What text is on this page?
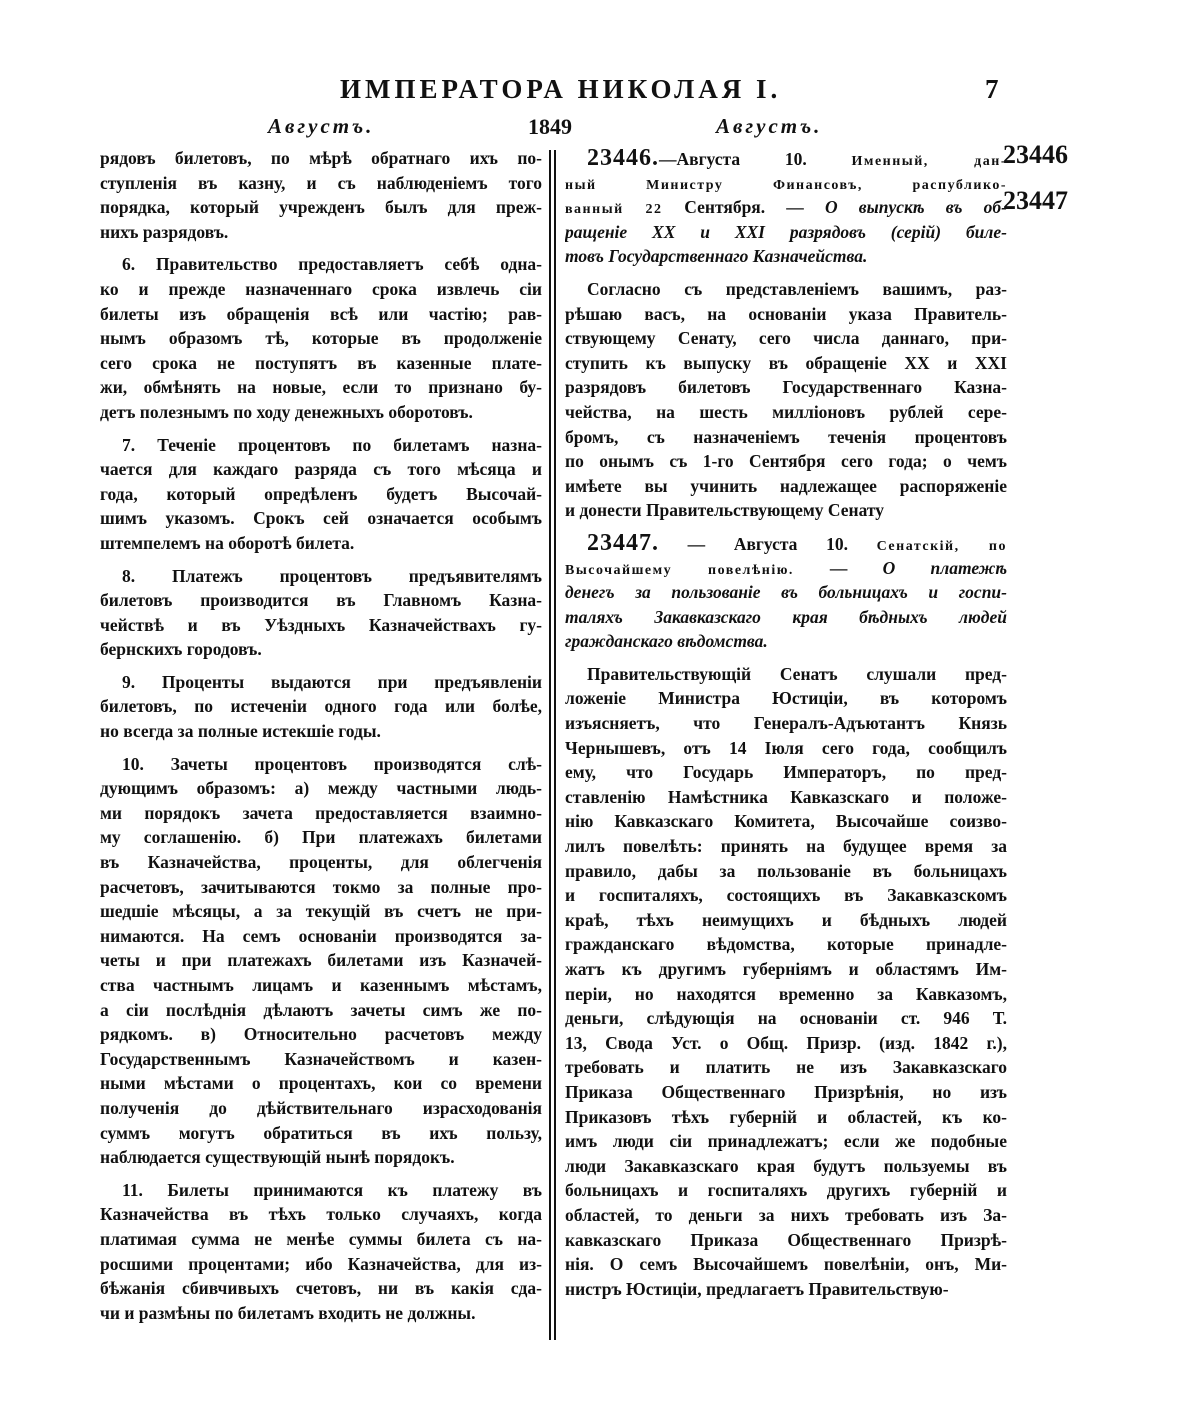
ИМПЕРАТОРА НИКОЛАЯ I.	7
Августъ.	1849	Августъ.
23446
23447
рядовъ билетовъ, по мѣрѣ обратнаго ихъ по-
ступленія въ казну, и съ наблюденіемъ того
порядка, который учрежденъ былъ для преж-
нихъ разрядовъ.
6. Правительство предоставляетъ себѣ одна-
ко и прежде назначеннаго срока извлечь сіи
билеты изъ обращенія всѣ или частію; рав-
нымъ образомъ тѣ, которые въ продолженіе
сего срока не поступятъ въ казенные плате-
жи, обмѣнять на новые, если то признано бу-
детъ полезнымъ по ходу денежныхъ оборотовъ.
7. Теченіе процентовъ по билетамъ назна-
чается для каждаго разряда съ того мѣсяца и
года, который опредѣленъ будетъ Высочай-
шимъ указомъ. Срокъ сей означается особымъ
штемпелемъ на оборотѣ билета.
8. Платежъ процентовъ предъявителямъ
билетовъ производится въ Главномъ Казна-
чействѣ и въ Уѣздныхъ Казначействахъ гу-
бернскихъ городовъ.
9. Проценты выдаются при предъявленіи
билетовъ, по истеченіи одного года или болѣе,
но всегда за полные истекшіе годы.
10. Зачеты процентовъ производятся слѣ-
дующимъ образомъ: а) между частными людь-
ми порядокъ зачета предоставляется взаимно-
му соглашенію. б) При платежахъ билетами
въ Казначейства, проценты, для облегченія
расчетовъ, зачитываются токмо за полные про-
шедшіе мѣсяцы, а за текущій въ счетъ не при-
нимаются. На семъ основаніи производятся за-
четы и при платежахъ билетами изъ Казначей-
ства частнымъ лицамъ и казеннымъ мѣстамъ,
а сіи послѣднія дѣлаютъ зачеты симъ же по-
рядкомъ. в) Относительно расчетовъ между
Государственнымъ Казначействомъ и казен-
ными мѣстами о процентахъ, кои со времени
полученія до дѣйствительнаго израсходованія
суммъ могутъ обратиться въ ихъ пользу,
наблюдается существующій нынѣ порядокъ.
11. Билеты принимаются къ платежу въ
Казначейства въ тѣхъ только случаяхъ, когда
платимая сумма не менѣе суммы билета съ на-
росшими процентами; ибо Казначейства, для из-
бѣжанія сбивчивыхъ счетовъ, ни въ какія сда-
чи и размѣны по билетамъ входить не должны.
23446.—Августа 10. Именный, дан-
ный Министру Финансовъ, распублико-
ванный 22 Сентября. — О выпускѣ въ об-
ращеніе XX и XXI разрядовъ (серій) биле-
товъ Государственнаго Казначейства.
Согласно съ представленіемъ вашимъ, раз-
рѣшаю васъ, на основаніи указа Правитель-
ствующему Сенату, сего числа даннаго, при-
ступить къ выпуску въ обращеніе XX и XXI
разрядовъ билетовъ Государственнаго Казна-
чейства, на шесть милліоновъ рублей сере-
бромъ, съ назначеніемъ теченія процентовъ
по онымъ съ 1-го Сентября сего года; о чемъ
имѣете вы учинить надлежащее распоряженіе
и донести Правительствующему Сенату
23447. — Августа 10. Сенатскій, по
Высочайшему повелѣнію. — О платежѣ
денегъ за пользованіе въ больницахъ и госпи-
таляхъ Закавказскаго края бѣдныхъ людей
гражданскаго вѣдомства.
Правительствующій Сенатъ слушали пред-
ложеніе Министра Юстиціи, въ которомъ
изъясняетъ, что Генералъ-Адъютантъ Князь
Чернышевъ, отъ 14 Іюля сего года, сообщилъ
ему, что Государь Императоръ, по пред-
ставленію Намѣстника Кавказскаго и положе-
нію Кавказскаго Комитета, Высочайше соизво-
лилъ повелѣть: принять на будущее время за
правило, дабы за пользованіе въ больницахъ
и госпиталяхъ, состоящихъ въ Закавказскомъ
краѣ, тѣхъ неимущихъ и бѣдныхъ людей
гражданскаго вѣдомства, которые принадле-
жатъ къ другимъ губерніямъ и областямъ Им-
періи, но находятся временно за Кавказомъ,
деньги, слѣдующія на основаніи ст. 946 Т.
13, Свода Уст. о Общ. Призр. (изд. 1842 г.),
требовать и платить не изъ Закавказскаго
Приказа Общественнаго Призрѣнія, но изъ
Приказовъ тѣхъ губерній и областей, къ ко-
имъ люди сіи принадлежатъ; если же подобные
люди Закавказскаго края будутъ пользуемы въ
больницахъ и госпиталяхъ другихъ губерній и
областей, то деньги за нихъ требовать изъ За-
кавказскаго Приказа Общественнаго Призрѣ-
нія. О семъ Высочайшемъ повелѣніи, онъ, Ми-
нистръ Юстиціи, предлагаетъ Правительствую-
